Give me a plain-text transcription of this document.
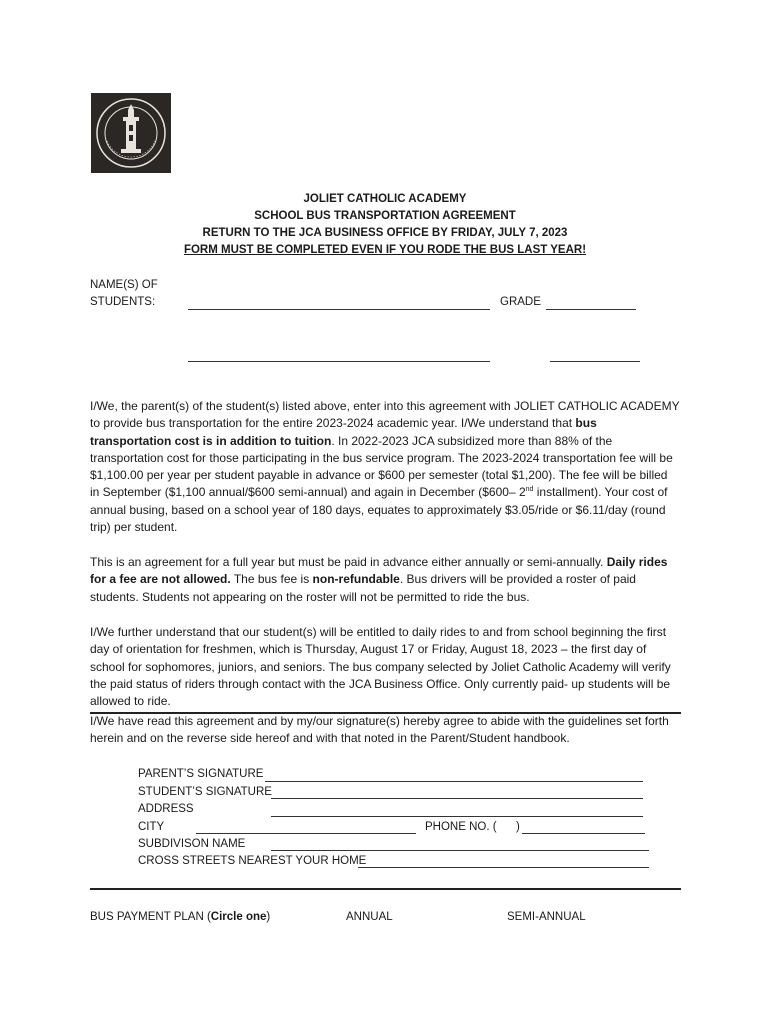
JOLIET CATHOLIC ACADEMY
SCHOOL BUS TRANSPORTATION AGREEMENT
RETURN TO THE JCA BUSINESS OFFICE BY FRIDAY, JULY 7, 2023
FORM MUST BE COMPLETED EVEN IF YOU RODE THE BUS LAST YEAR!
NAME(S) OF
STUDENTS:	GRADE
I/We, the parent(s) of the student(s) listed above, enter into this agreement with JOLIET CATHOLIC ACADEMY to provide bus transportation for the entire 2023-2024 academic year. I/We understand that bus transportation cost is in addition to tuition. In 2022-2023 JCA subsidized more than 88% of the transportation cost for those participating in the bus service program. The 2023-2024 transportation fee will be $1,100.00 per year per student payable in advance or $600 per semester (total $1,200). The fee will be billed in September ($1,100 annual/$600 semi-annual) and again in December ($600– 2nd installment). Your cost of annual busing, based on a school year of 180 days, equates to approximately $3.05/ride or $6.11/day (round trip) per student.
This is an agreement for a full year but must be paid in advance either annually or semi-annually. Daily rides for a fee are not allowed. The bus fee is non-refundable. Bus drivers will be provided a roster of paid students. Students not appearing on the roster will not be permitted to ride the bus.
I/We further understand that our student(s) will be entitled to daily rides to and from school beginning the first day of orientation for freshmen, which is Thursday, August 17 or Friday, August 18, 2023 – the first day of school for sophomores, juniors, and seniors. The bus company selected by Joliet Catholic Academy will verify the paid status of riders through contact with the JCA Business Office. Only currently paid- up students will be allowed to ride.
I/We have read this agreement and by my/our signature(s) hereby agree to abide with the guidelines set forth herein and on the reverse side hereof and with that noted in the Parent/Student handbook.
PARENT’S SIGNATURE
STUDENT’S SIGNATURE
ADDRESS
CITY	PHONE NO. ( )
SUBDIVISON NAME
CROSS STREETS NEAREST YOUR HOME
BUS PAYMENT PLAN (Circle one)	ANNUAL	SEMI-ANNUAL
